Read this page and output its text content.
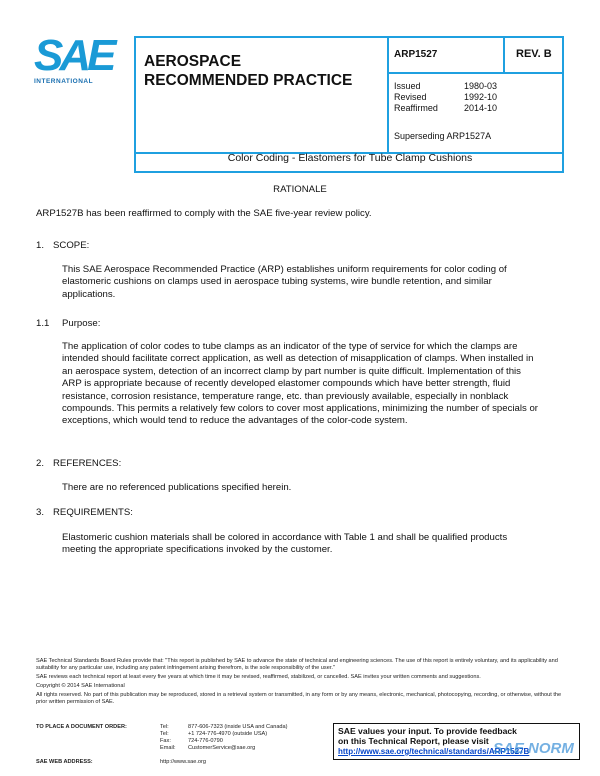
SAE
INTERNATIONAL
AEROSPACE
RECOMMENDED PRACTICE
ARP1527	REV. B
Issued	1980-03
Revised	1992-10
Reaffirmed	2014-10
Superseding ARP1527A
Color Coding - Elastomers for Tube Clamp Cushions
RATIONALE
ARP1527B has been reaffirmed to comply with the SAE five-year review policy.
1. SCOPE:
This SAE Aerospace Recommended Practice (ARP) establishes uniform requirements for color coding of elastomeric cushions on clamps used in aerospace tubing systems, wire bundle retention, and similar applications.
1.1 Purpose:
The application of color codes to tube clamps as an indicator of the type of service for which the clamps are intended should facilitate correct application, as well as detection of misapplication of clamps. When installed in an aerospace system, detection of an incorrect clamp by part number is quite difficult. Implementation of this ARP is appropriate because of recently developed elastomer compounds which have better strength, fluid resistance, corrosion resistance, temperature range, etc. than previously available, especially in nonblack compounds. This permits a relatively few colors to cover most applications, minimizing the number of specials or exceptions, which would tend to reduce the advantages of the color-code system.
2. REFERENCES:
There are no referenced publications specified herein.
3. REQUIREMENTS:
Elastomeric cushion materials shall be colored in accordance with Table 1 and shall be qualified products meeting the appropriate specifications invoked by the customer.
SAE Technical Standards Board Rules provide that: "This report is published by SAE to advance the state of technical and engineering sciences. The use of this report is entirely voluntary, and its applicability and suitability for any particular use, including any patent infringement arising therefrom, is the sole responsibility of the user."
SAE reviews each technical report at least every five years at which time it may be revised, reaffirmed, stabilized, or cancelled. SAE invites your written comments and suggestions.
Copyright © 2014 SAE International
All rights reserved. No part of this publication may be reproduced, stored in a retrieval system or transmitted, in any form or by any means, electronic, mechanical, photocopying, recording, or otherwise, without the prior written permission of SAE.
TO PLACE A DOCUMENT ORDER:	Tel:	877-606-7323 (inside USA and Canada)
Tel:	+1 724-776-4970 (outside USA)
Fax:	724-776-0790
Email: CustomerService@sae.org
SAE WEB ADDRESS:	http://www.sae.org
SAE values your input. To provide feedback
on this Technical Report, please visit
http://www.sae.org/technical/standards/ARP1527B
SAE NORM
